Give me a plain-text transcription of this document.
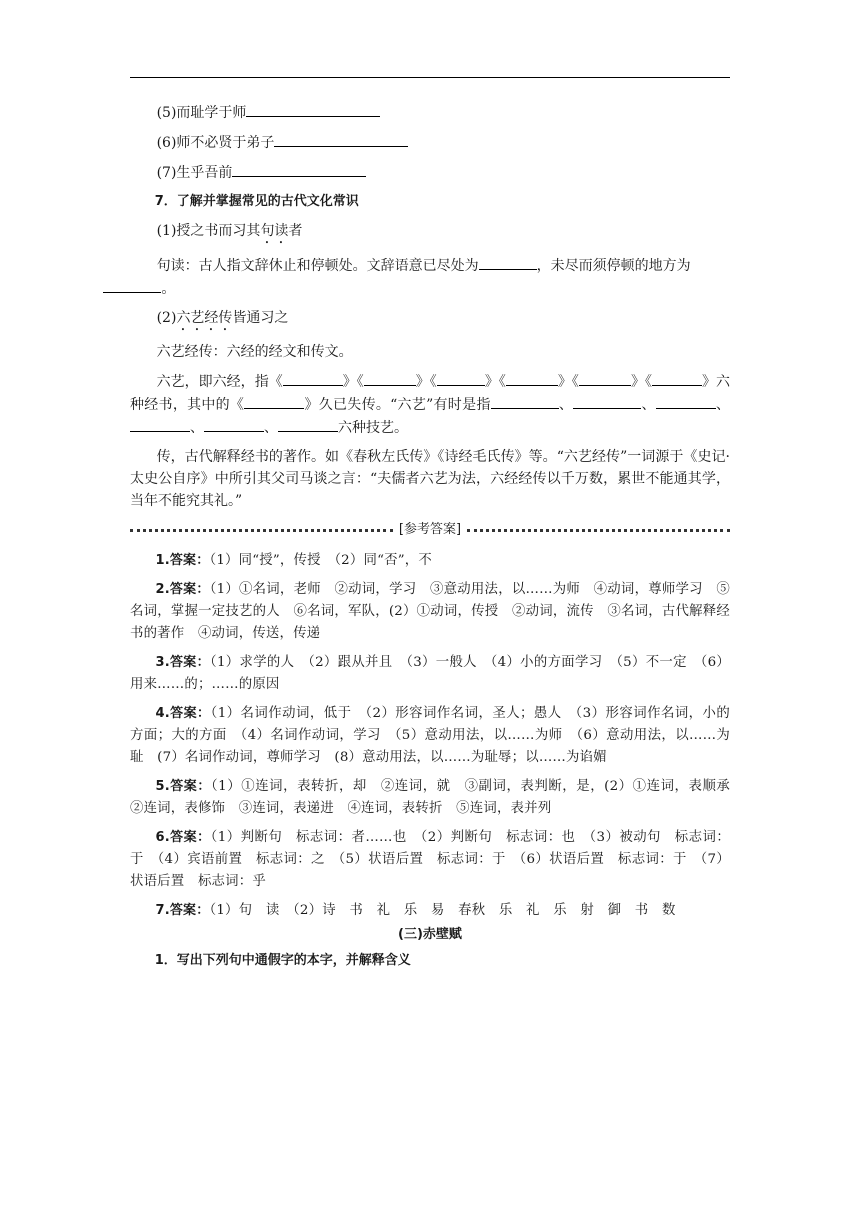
(5)而耻学于师

(6)师不必贤于弟子

(7)生乎吾前

7．了解并掌握常见的古代文化常识

(1)授之书而习其句读者

句读：古人指文辞休止和停顿处。文辞语意已尽处为	，未尽而须停顿的地方为
。

(2)六艺经传皆通习之

六艺经传：六经的经文和传文。

六艺，即六经，指《	》《	》《	》《	》《	》《	》六种经书，其中的《	》久已失传。“六艺”有时是指	、	、	、、	、	六种技艺。

传，古代解释经书的著作。如《春秋左氏传》《诗经毛氏传》等。“六艺经传”一词源于《史记·太史公自序》中所引其父司马谈之言：“夫儒者六艺为法，六经经传以千万数，累世不能通其学，当年不能究其礼。”

[参考答案]

1.答案：（1）同“授”，传授　（2）同“否”，不

2.答案：（1）①名词，老师　②动词，学习　③意动用法，以……为师　④动词，尊师学习　⑤名词，掌握一定技艺的人　⑥名词，军队，(2）①动词，传授　②动词，流传　③名词，古代解释经书的著作　④动词，传送，传递

3.答案：（1）求学的人　（2）跟从并且　（3）一般人　（4）小的方面学习　（5）不一定　（6）用来……的；……的原因

4.答案：（1）名词作动词，低于　（2）形容词作名词，圣人；愚人　（3）形容词作名词，小的方面；大的方面　（4）名词作动词，学习　（5）意动用法，以……为师　（6）意动用法，以……为耻　(7）名词作动词，尊师学习　(8）意动用法，以……为耻辱；以……为谄媚

5.答案：（1）①连词，表转折，却　②连词，就　③副词，表判断，是，(2）①连词，表顺承　②连词，表修饰　③连词，表递进　④连词，表转折　⑤连词，表并列

6.答案：（1）判断句　标志词：者……也　（2）判断句　标志词：也　（3）被动句　标志词：于　（4）宾语前置　标志词：之　（5）状语后置　标志词：于　（6）状语后置　标志词：于　（7）状语后置　标志词：乎

7.答案：（1）句　读　（2）诗　书　礼　乐　易　春秋　乐　礼　乐　射　御　书　数

(三)赤壁赋

1．写出下列句中通假字的本字，并解释含义
